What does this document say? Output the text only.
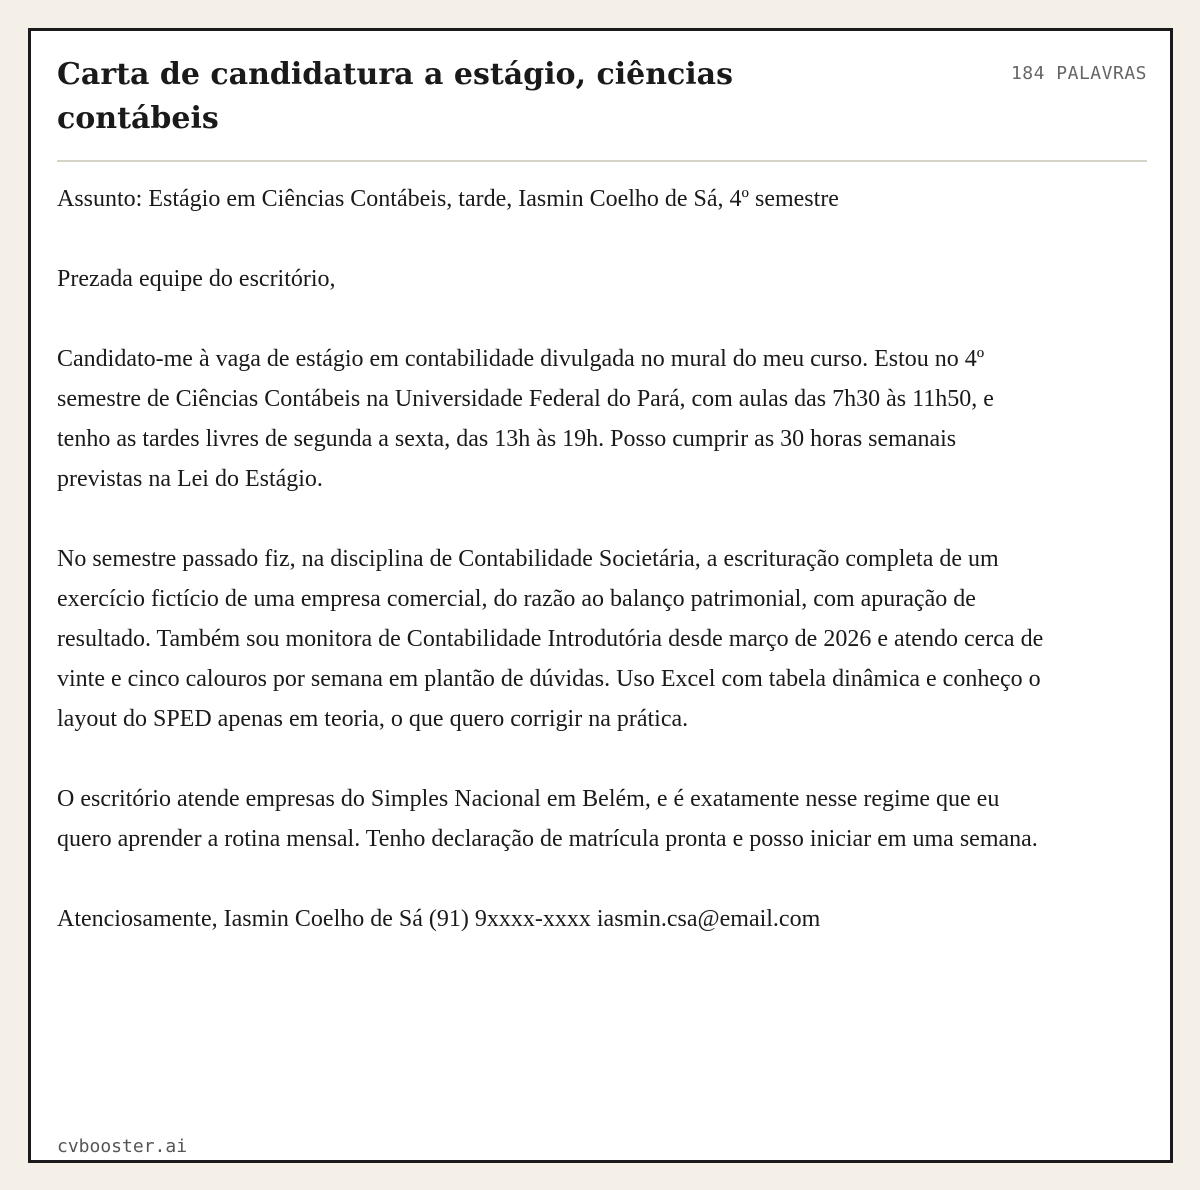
Carta de candidatura a estágio, ciências contábeis
184 PALAVRAS

Assunto: Estágio em Ciências Contábeis, tarde, Iasmin Coelho de Sá, 4º semestre

Prezada equipe do escritório,

Candidato-me à vaga de estágio em contabilidade divulgada no mural do meu curso. Estou no 4º semestre de Ciências Contábeis na Universidade Federal do Pará, com aulas das 7h30 às 11h50, e tenho as tardes livres de segunda a sexta, das 13h às 19h. Posso cumprir as 30 horas semanais previstas na Lei do Estágio.

No semestre passado fiz, na disciplina de Contabilidade Societária, a escrituração completa de um exercício fictício de uma empresa comercial, do razão ao balanço patrimonial, com apuração de resultado. Também sou monitora de Contabilidade Introdutória desde março de 2026 e atendo cerca de vinte e cinco calouros por semana em plantão de dúvidas. Uso Excel com tabela dinâmica e conheço o layout do SPED apenas em teoria, o que quero corrigir na prática.

O escritório atende empresas do Simples Nacional em Belém, e é exatamente nesse regime que eu quero aprender a rotina mensal. Tenho declaração de matrícula pronta e posso iniciar em uma semana.

Atenciosamente, Iasmin Coelho de Sá (91) 9xxxx-xxxx iasmin.csa@email.com

cvbooster.ai
